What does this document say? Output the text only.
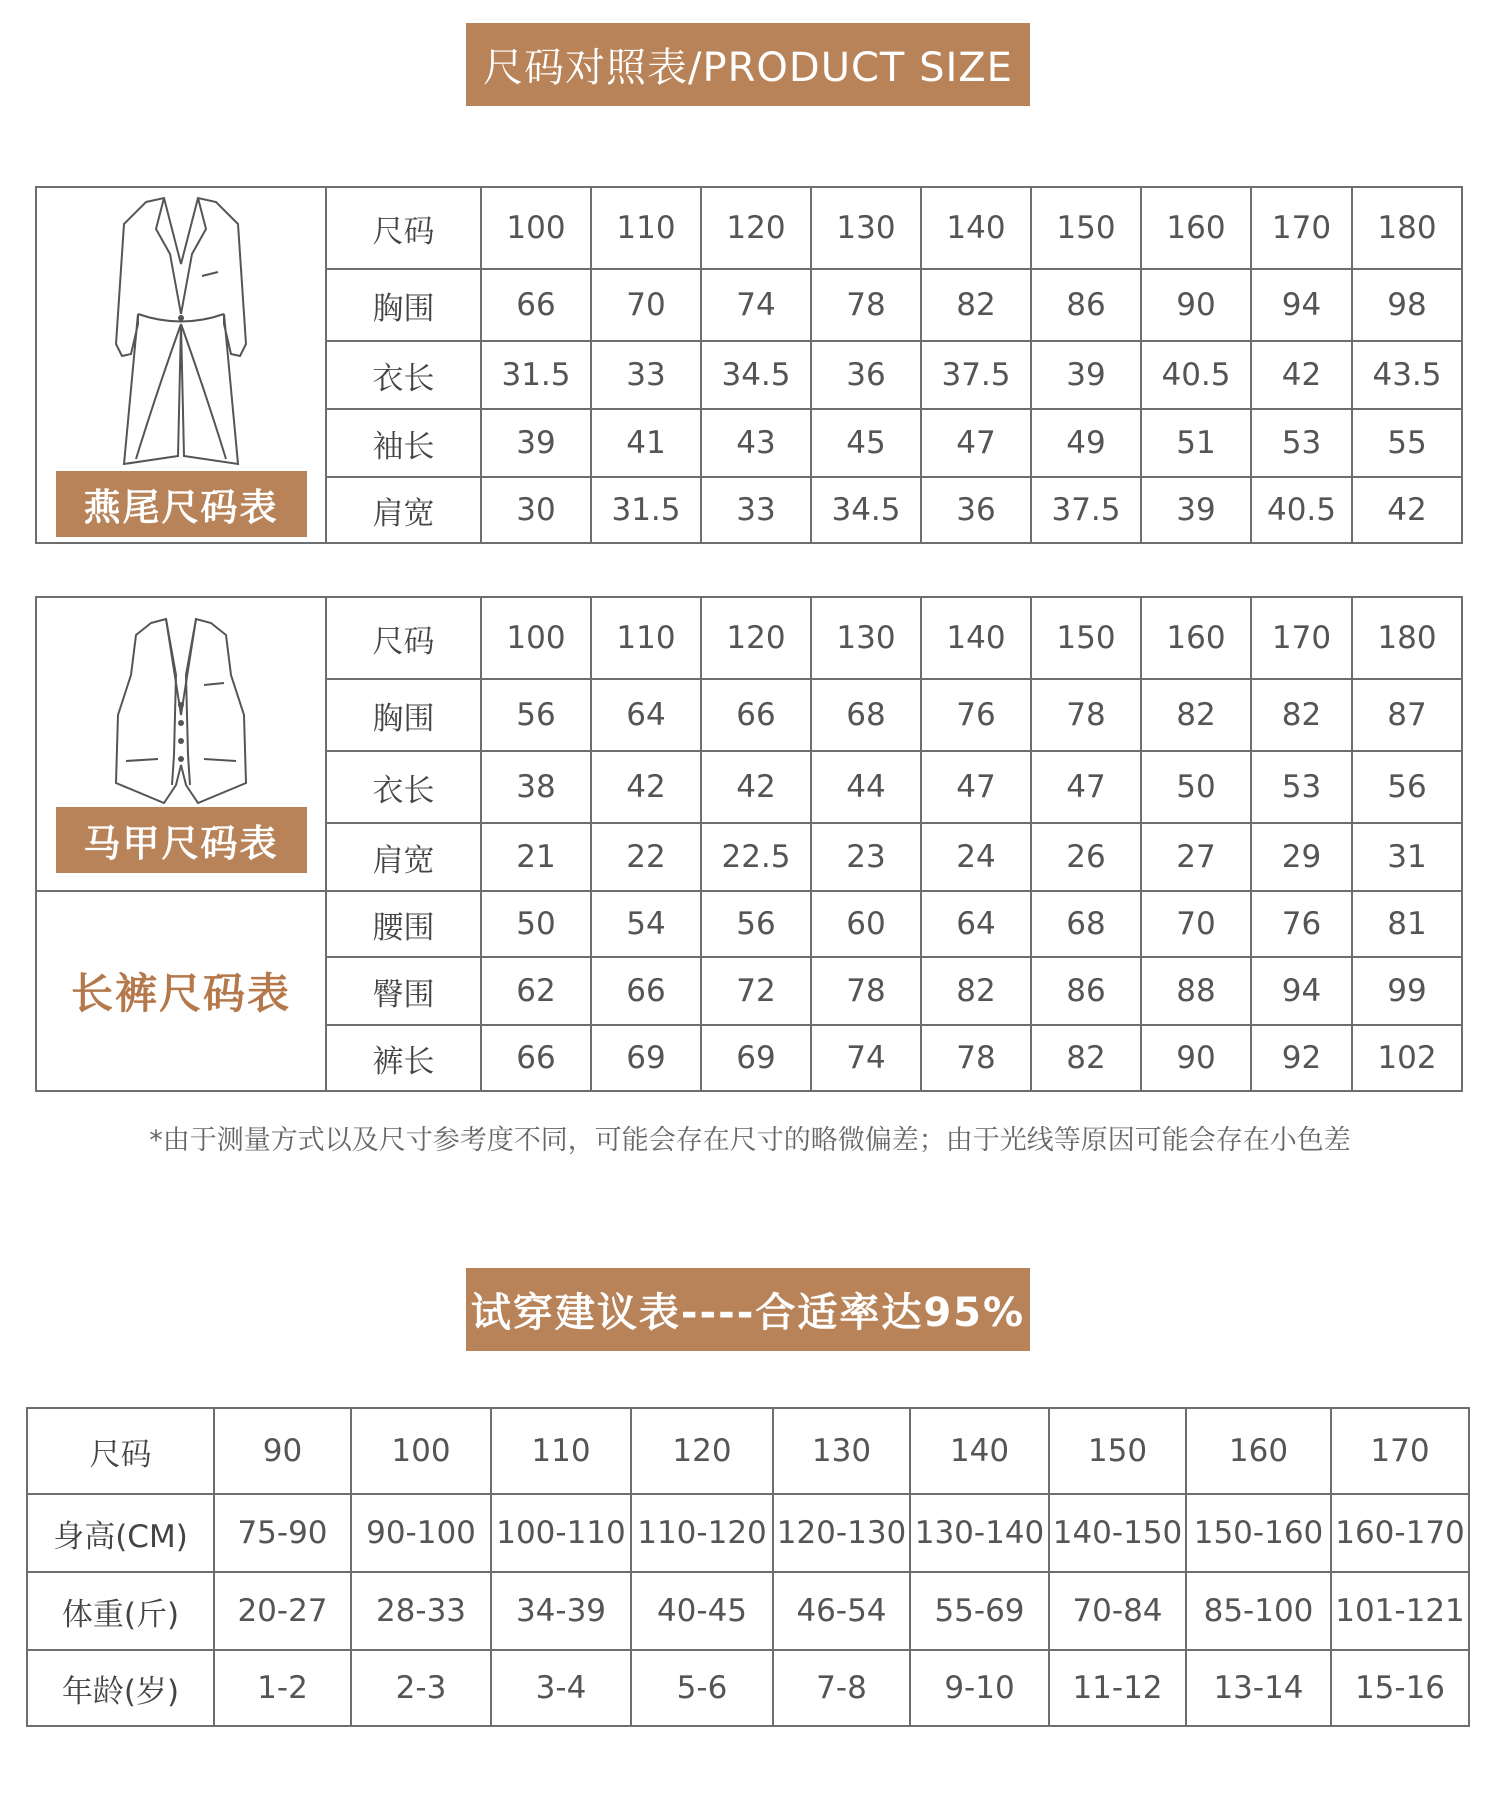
尺码对照表/PRODUCT SIZE
燕尾尺码表	尺码	100	110	120	130	140	150	160	170	180
	胸围	66	70	74	78	82	86	90	94	98
	衣长	31.5	33	34.5	36	37.5	39	40.5	42	43.5
	袖长	39	41	43	45	47	49	51	53	55
	肩宽	30	31.5	33	34.5	36	37.5	39	40.5	42
马甲尺码表	尺码	100	110	120	130	140	150	160	170	180
	胸围	56	64	66	68	76	78	82	82	87
	衣长	38	42	42	44	47	47	50	53	56
	肩宽	21	22	22.5	23	24	26	27	29	31
长裤尺码表	腰围	50	54	56	60	64	68	70	76	81
	臀围	62	66	72	78	82	86	88	94	99
	裤长	66	69	69	74	78	82	90	92	102
*由于测量方式以及尺寸参考度不同，可能会存在尺寸的略微偏差；由于光线等原因可能会存在小色差
试穿建议表----合适率达95%
尺码	90	100	110	120	130	140	150	160	170
身高(CM)	75-90	90-100	100-110	110-120	120-130	130-140	140-150	150-160	160-170
体重(斤)	20-27	28-33	34-39	40-45	46-54	55-69	70-84	85-100	101-121
年龄(岁)	1-2	2-3	3-4	5-6	7-8	9-10	11-12	13-14	15-16
